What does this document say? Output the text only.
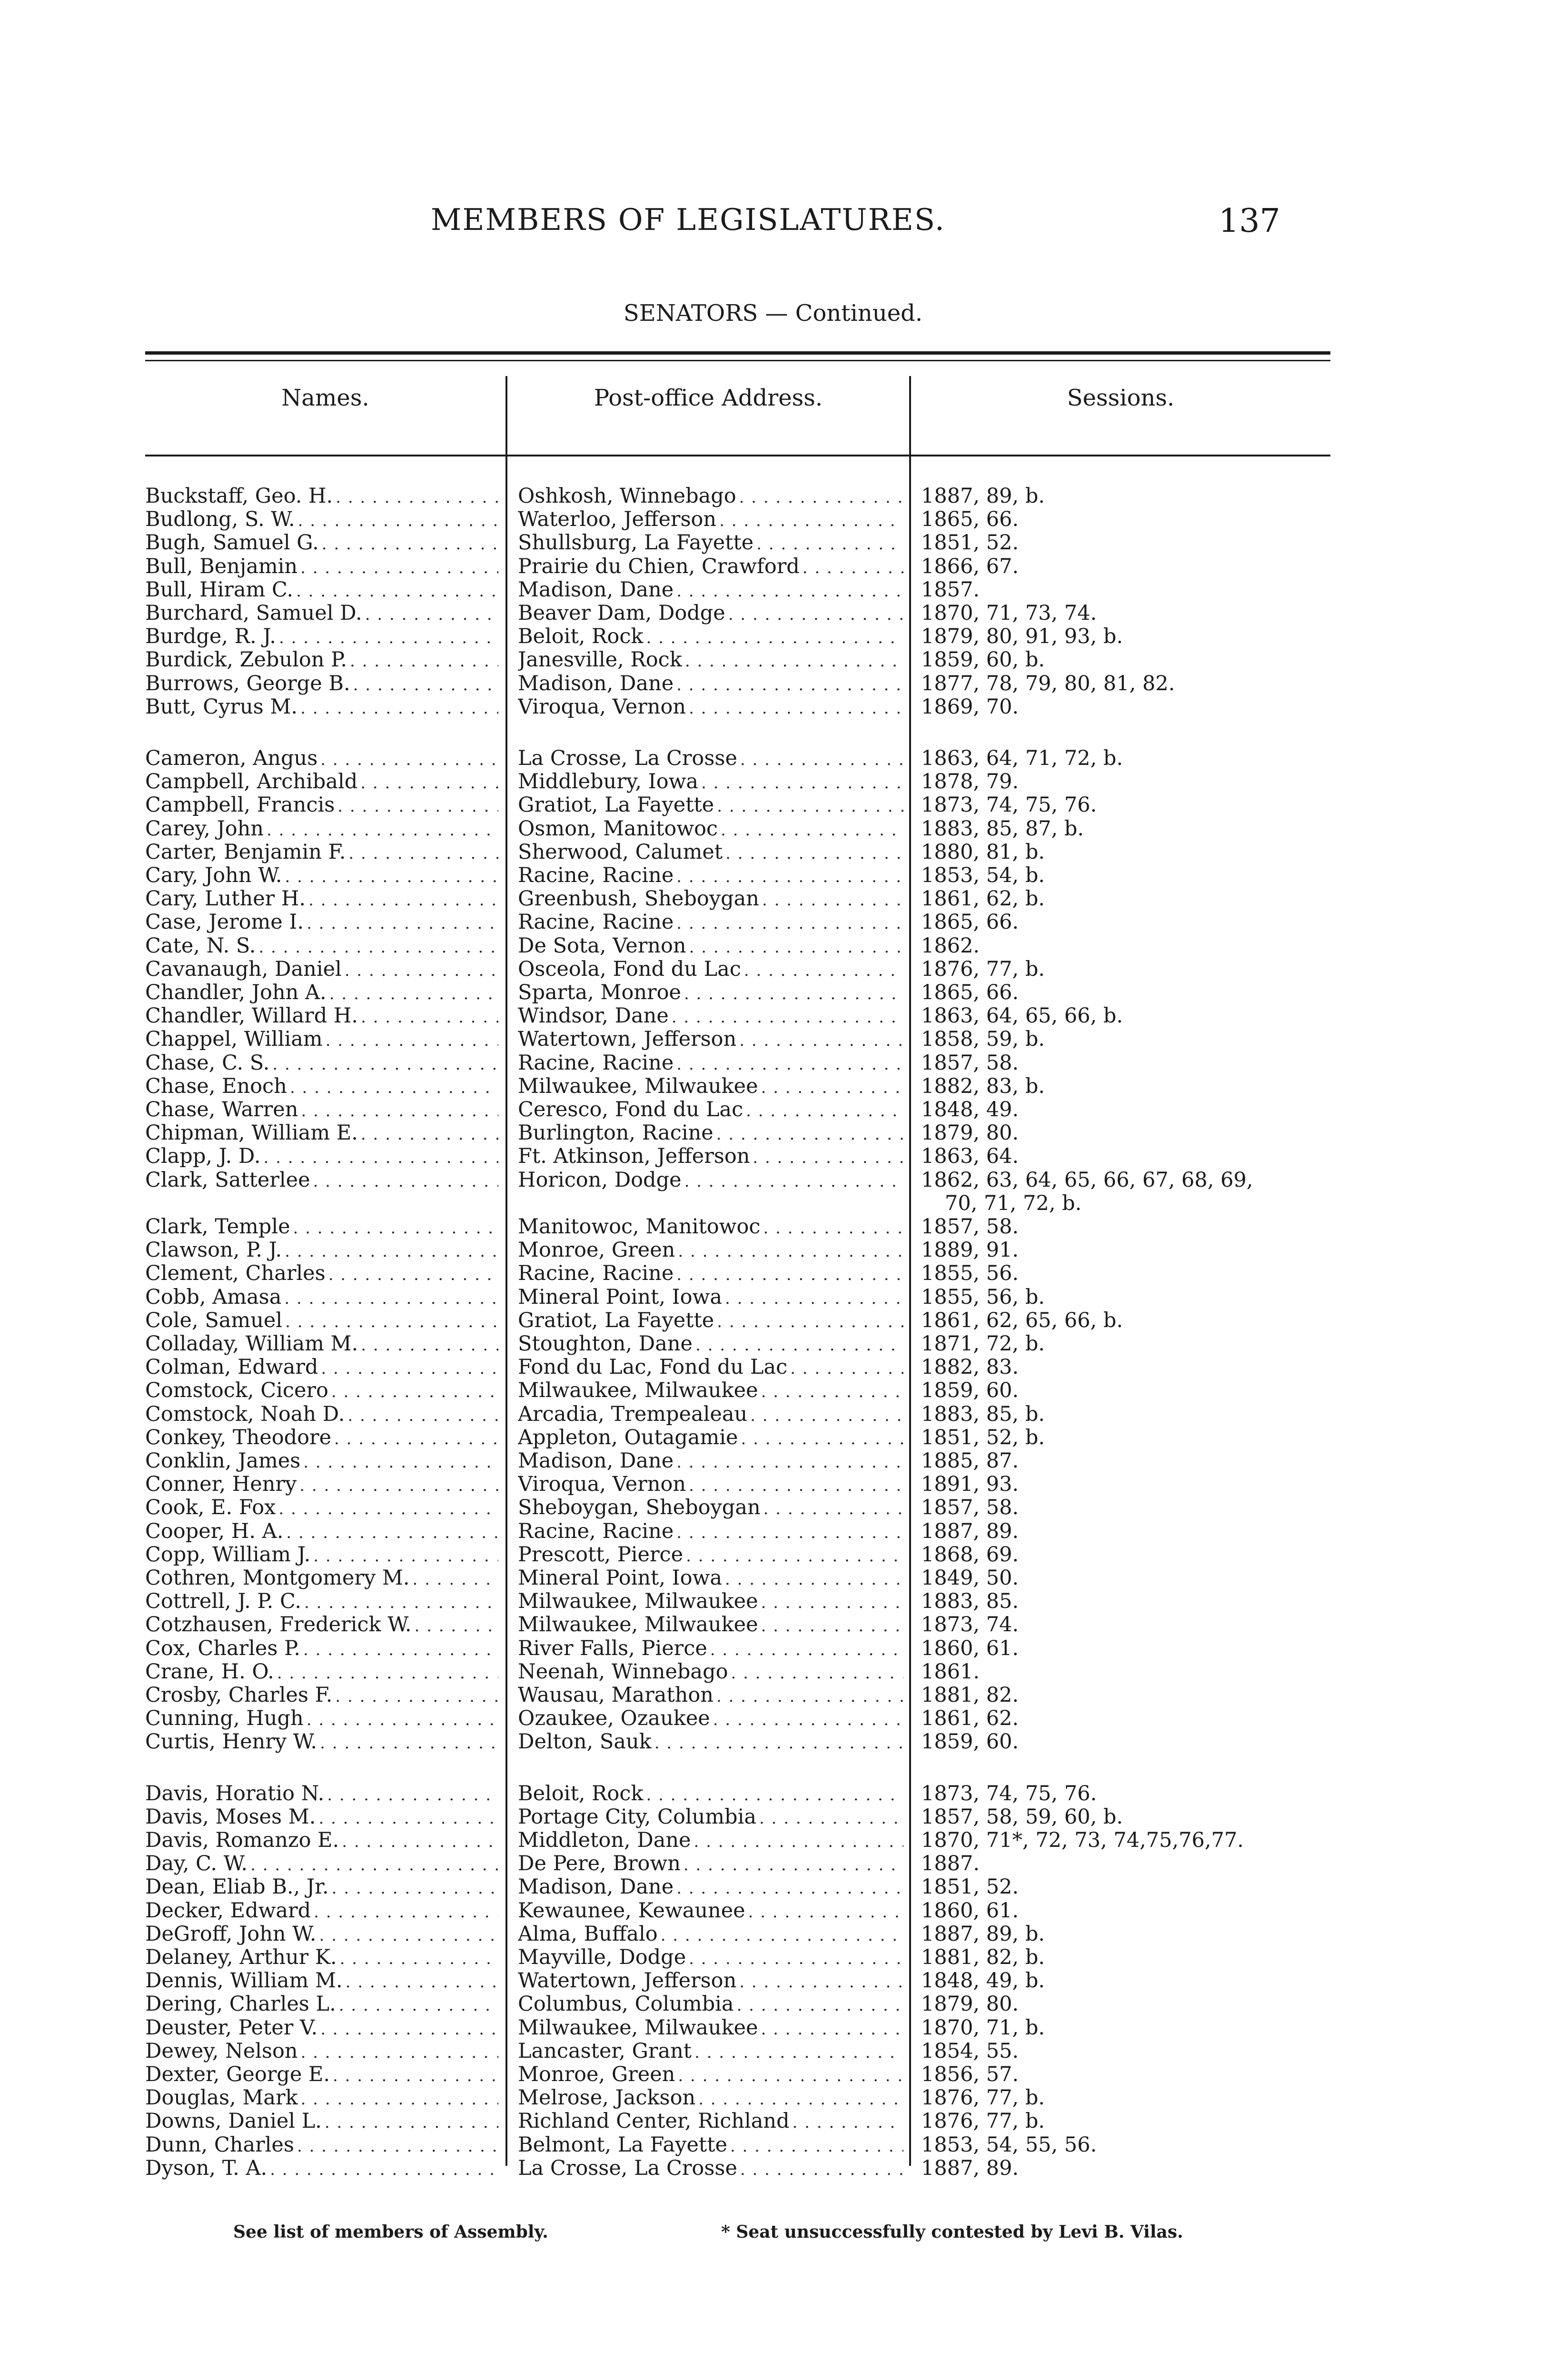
MEMBERS OF LEGISLATURES.	137
SENATORS — Continued.
Names.	Post-office Address.	Sessions.
Buckstaff, Geo. H. . . .	Oshkosh, Winnebago . . .	1887, 89, b.
Budlong, S. W. . . .	Waterloo, Jefferson . . .	1865, 66.
Bugh, Samuel G. . . .	Shullsburg, La Fayette . . .	1851, 52.
Bull, Benjamin . . .	Prairie du Chien, Crawford . . .	1866, 67.
Bull, Hiram C. . . .	Madison, Dane . . .	1857.
Burchard, Samuel D. . . .	Beaver Dam, Dodge . . .	1870, 71, 73, 74.
Burdge, R. J. . . .	Beloit, Rock . . .	1879, 80, 91, 93, b.
Burdick, Zebulon P. . . .	Janesville, Rock . . .	1859, 60, b.
Burrows, George B. . . .	Madison, Dane . . .	1877, 78, 79, 80, 81, 82.
Butt, Cyrus M. . . .	Viroqua, Vernon . . .	1869, 70.
Cameron, Angus . . .	La Crosse, La Crosse . . .	1863, 64, 71, 72, b.
Campbell, Archibald . . .	Middlebury, Iowa . . .	1878, 79.
Campbell, Francis . . .	Gratiot, La Fayette . . .	1873, 74, 75, 76.
Carey, John . . .	Osmon, Manitowoc . . .	1883, 85, 87, b.
Carter, Benjamin F. . . .	Sherwood, Calumet . . .	1880, 81, b.
Cary, John W. . . .	Racine, Racine . . .	1853, 54, b.
Cary, Luther H. . . .	Greenbush, Sheboygan . . .	1861, 62, b.
Case, Jerome I. . . .	Racine, Racine . . .	1865, 66.
Cate, N. S. . . .	De Sota, Vernon . . .	1862.
Cavanaugh, Daniel . . .	Osceola, Fond du Lac . . .	1876, 77, b.
Chandler, John A. . . .	Sparta, Monroe . . .	1865, 66.
Chandler, Willard H. . . .	Windsor, Dane . . .	1863, 64, 65, 66, b.
Chappel, William . . .	Watertown, Jefferson . . .	1858, 59, b.
Chase, C. S. . . .	Racine, Racine . . .	1857, 58.
Chase, Enoch . . .	Milwaukee, Milwaukee . . .	1882, 83, b.
Chase, Warren . . .	Ceresco, Fond du Lac . . .	1848, 49.
Chipman, William E. . . .	Burlington, Racine . . .	1879, 80.
Clapp, J. D. . . .	Ft. Atkinson, Jefferson . . .	1863, 64.
Clark, Satterlee . . .	Horicon, Dodge . . .	1862, 63, 64, 65, 66, 67, 68, 69,
70, 71, 72, b.
Clark, Temple . . .	Manitowoc, Manitowoc . . .	1857, 58.
Clawson, P. J. . . .	Monroe, Green . . .	1889, 91.
Clement, Charles . . .	Racine, Racine . . .	1855, 56.
Cobb, Amasa . . .	Mineral Point, Iowa . . .	1855, 56, b.
Cole, Samuel . . .	Gratiot, La Fayette . . .	1861, 62, 65, 66, b.
Colladay, William M. . . .	Stoughton, Dane . . .	1871, 72, b.
Colman, Edward . . .	Fond du Lac, Fond du Lac . . .	1882, 83.
Comstock, Cicero . . .	Milwaukee, Milwaukee . . .	1859, 60.
Comstock, Noah D. . . .	Arcadia, Trempealeau . . .	1883, 85, b.
Conkey, Theodore . . .	Appleton, Outagamie . . .	1851, 52, b.
Conklin, James . . .	Madison, Dane . . .	1885, 87.
Conner, Henry . . .	Viroqua, Vernon . . .	1891, 93.
Cook, E. Fox . . .	Sheboygan, Sheboygan . . .	1857, 58.
Cooper, H. A. . . .	Racine, Racine . . .	1887, 89.
Copp, William J. . . .	Prescott, Pierce . . .	1868, 69.
Cothren, Montgomery M. . . .	Mineral Point, Iowa . . .	1849, 50.
Cottrell, J. P. C. . . .	Milwaukee, Milwaukee . . .	1883, 85.
Cotzhausen, Frederick W. . . .	Milwaukee, Milwaukee . . .	1873, 74.
Cox, Charles P. . . .	River Falls, Pierce . . .	1860, 61.
Crane, H. O. . . .	Neenah, Winnebago . . .	1861.
Crosby, Charles F. . . .	Wausau, Marathon . . .	1881, 82.
Cunning, Hugh . . .	Ozaukee, Ozaukee . . .	1861, 62.
Curtis, Henry W. . . .	Delton, Sauk . . .	1859, 60.
Davis, Horatio N. . . .	Beloit, Rock . . .	1873, 74, 75, 76.
Davis, Moses M. . . .	Portage City, Columbia . . .	1857, 58, 59, 60, b.
Davis, Romanzo E. . . .	Middleton, Dane . . .	1870, 71*, 72, 73, 74,75,76,77.
Day, C. W. . . .	De Pere, Brown . . .	1887.
Dean, Eliab B., Jr. . . .	Madison, Dane . . .	1851, 52.
Decker, Edward . . .	Kewaunee, Kewaunee . . .	1860, 61.
DeGroff, John W. . . .	Alma, Buffalo . . .	1887, 89, b.
Delaney, Arthur K. . . .	Mayville, Dodge . . .	1881, 82, b.
Dennis, William M. . . .	Watertown, Jefferson . . .	1848, 49, b.
Dering, Charles L. . . .	Columbus, Columbia . . .	1879, 80.
Deuster, Peter V. . . .	Milwaukee, Milwaukee . . .	1870, 71, b.
Dewey, Nelson . . .	Lancaster, Grant . . .	1854, 55.
Dexter, George E. . . .	Monroe, Green . . .	1856, 57.
Douglas, Mark . . .	Melrose, Jackson . . .	1876, 77, b.
Downs, Daniel L. . . .	Richland Center, Richland . . .	1876, 77, b.
Dunn, Charles . . .	Belmont, La Fayette . . .	1853, 54, 55, 56.
Dyson, T. A. . . .	La Crosse, La Crosse . . .	1887, 89.
See list of members of Assembly.	* Seat unsuccessfully contested by Levi B. Vilas.
